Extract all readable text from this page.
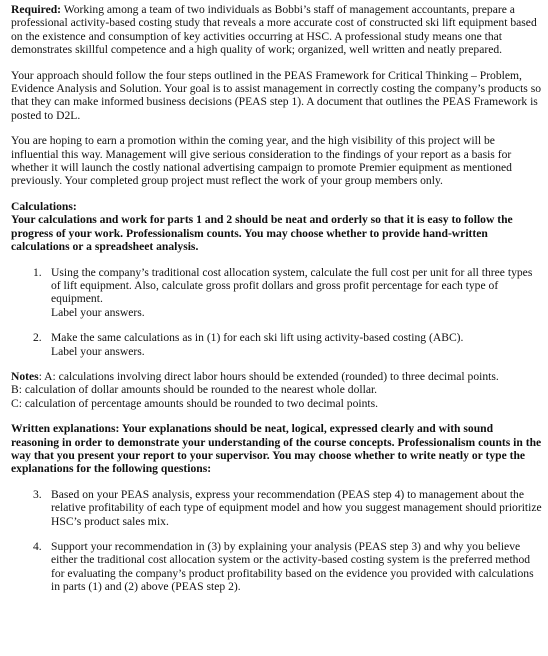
Required: Working among a team of two individuals as Bobbi’s staff of management accountants, prepare a professional activity-based costing study that reveals a more accurate cost of constructed ski lift equipment based on the existence and consumption of key activities occurring at HSC. A professional study means one that demonstrates skillful competence and a high quality of work; organized, well written and neatly prepared.

Your approach should follow the four steps outlined in the PEAS Framework for Critical Thinking – Problem, Evidence Analysis and Solution. Your goal is to assist management in correctly costing the company’s products so that they can make informed business decisions (PEAS step 1). A document that outlines the PEAS Framework is posted to D2L.

You are hoping to earn a promotion within the coming year, and the high visibility of this project will be influential this way. Management will give serious consideration to the findings of your report as a basis for whether it will launch the costly national advertising campaign to promote Premier equipment as mentioned previously. Your completed group project must reflect the work of your group members only.

Calculations:

Your calculations and work for parts 1 and 2 should be neat and orderly so that it is easy to follow the progress of your work. Professionalism counts. You may choose whether to provide hand-written calculations or a spreadsheet analysis.

1. Using the company’s traditional cost allocation system, calculate the full cost per unit for all three types of lift equipment. Also, calculate gross profit dollars and gross profit percentage for each type of equipment.

Label your answers.

2. Make the same calculations as in (1) for each ski lift using activity-based costing (ABC).

Label your answers.

Notes: A: calculations involving direct labor hours should be extended (rounded) to three decimal points.

B: calculation of dollar amounts should be rounded to the nearest whole dollar.

C: calculation of percentage amounts should be rounded to two decimal points.

Written explanations: Your explanations should be neat, logical, expressed clearly and with sound reasoning in order to demonstrate your understanding of the course concepts. Professionalism counts in the way that you present your report to your supervisor. You may choose whether to write neatly or type the explanations for the following questions:

3. Based on your PEAS analysis, express your recommendation (PEAS step 4) to management about the relative profitability of each type of equipment model and how you suggest management should prioritize HSC’s product sales mix.

4. Support your recommendation in (3) by explaining your analysis (PEAS step 3) and why you believe either the traditional cost allocation system or the activity-based costing system is the preferred method for evaluating the company’s product profitability based on the evidence you provided with calculations in parts (1) and (2) above (PEAS step 2).
